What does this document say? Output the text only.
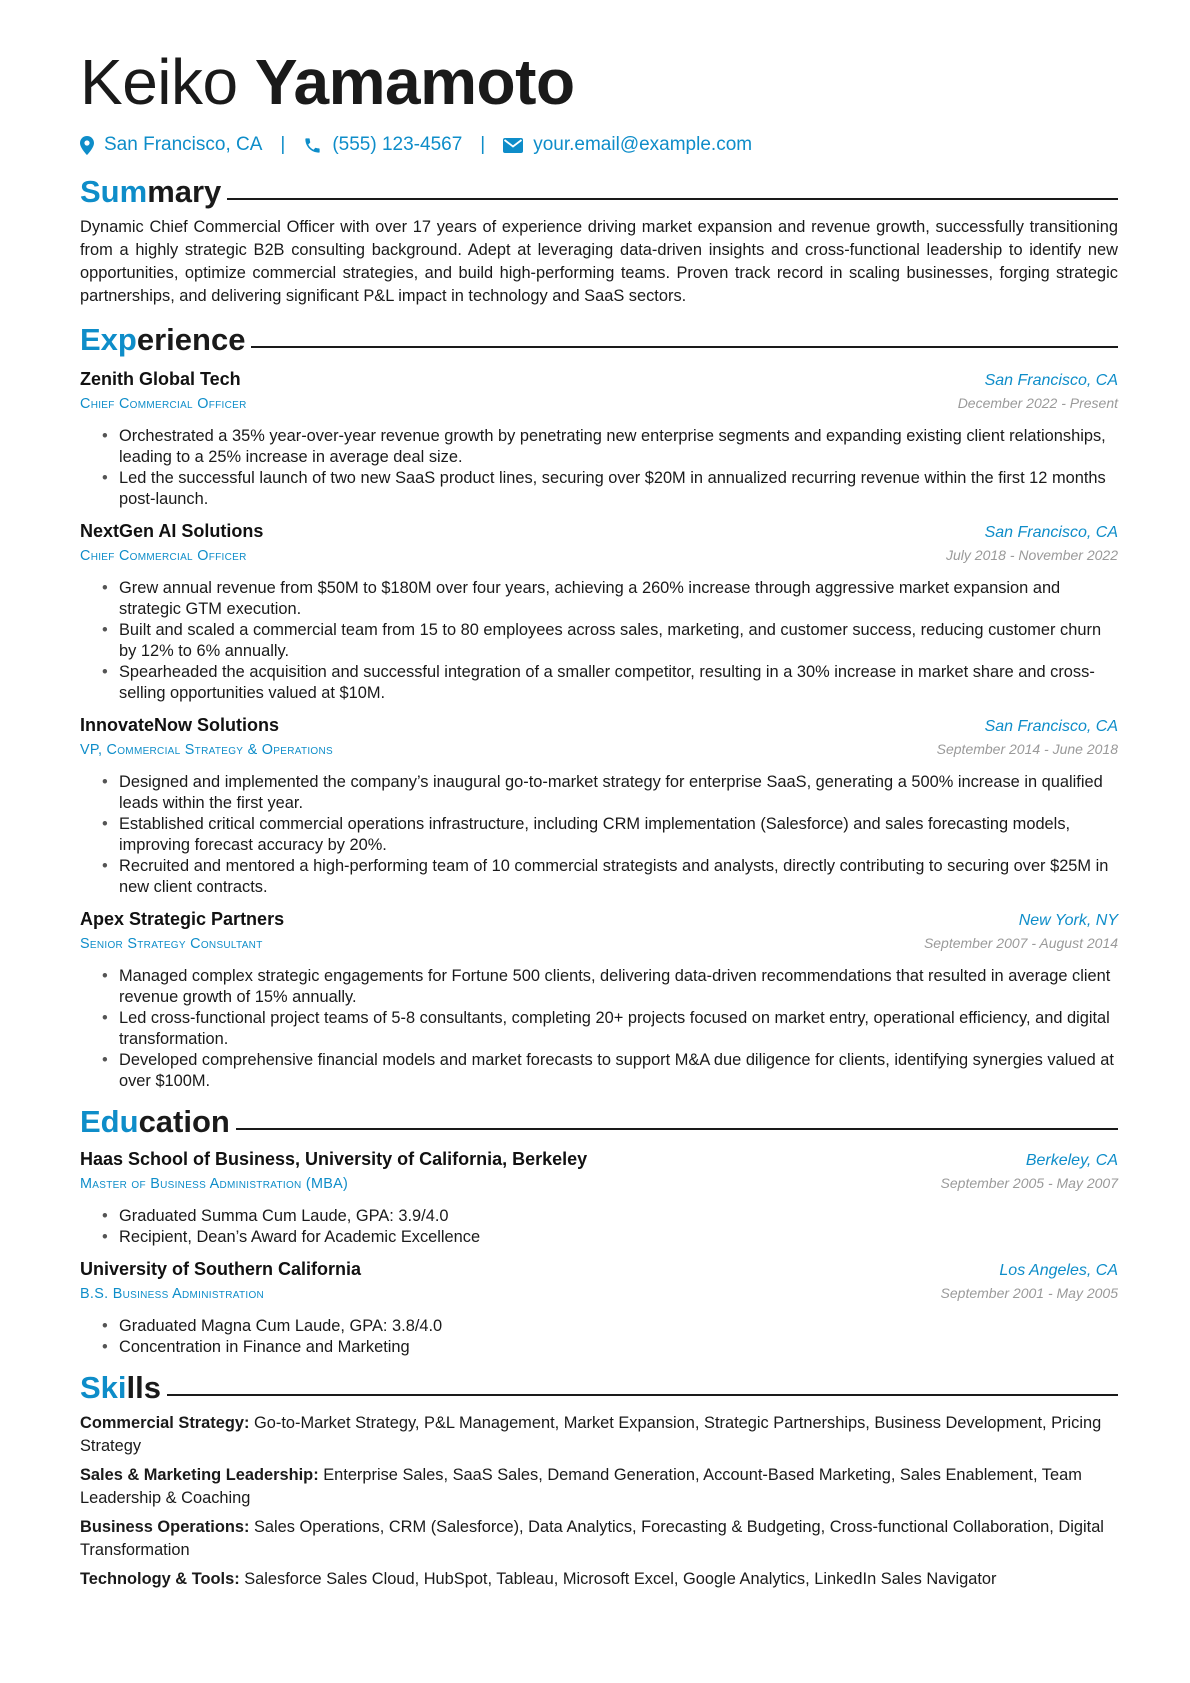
Keiko Yamamoto
San Francisco, CA | (555) 123-4567 |	your.email@example.com
Summary
Dynamic Chief Commercial Officer with over 17 years of experience driving market expansion and revenue growth, successfully transitioning from a highly strategic B2B consulting background. Adept at leveraging data-driven insights and cross-functional leadership to identify new opportunities, optimize commercial strategies, and build high-performing teams. Proven track record in scaling businesses, forging strategic partnerships, and delivering significant P&L impact in technology and SaaS sectors.
Experience
Zenith Global Tech	San Francisco, CA
Chief Commercial Officer	December 2022 - Present
• Orchestrated a 35% year-over-year revenue growth by penetrating new enterprise segments and expanding existing client relationships, leading to a 25% increase in average deal size.
• Led the successful launch of two new SaaS product lines, securing over $20M in annualized recurring revenue within the first 12 months post-launch.
NextGen AI Solutions	San Francisco, CA
Chief Commercial Officer	July 2018 - November 2022
• Grew annual revenue from $50M to $180M over four years, achieving a 260% increase through aggressive market expansion and strategic GTM execution.
• Built and scaled a commercial team from 15 to 80 employees across sales, marketing, and customer success, reducing customer churn by 12% to 6% annually.
• Spearheaded the acquisition and successful integration of a smaller competitor, resulting in a 30% increase in market share and cross-selling opportunities valued at $10M.
InnovateNow Solutions	San Francisco, CA
VP, Commercial Strategy & Operations	September 2014 - June 2018
• Designed and implemented the company’s inaugural go-to-market strategy for enterprise SaaS, generating a 500% increase in qualified leads within the first year.
• Established critical commercial operations infrastructure, including CRM implementation (Salesforce) and sales forecasting models, improving forecast accuracy by 20%.
• Recruited and mentored a high-performing team of 10 commercial strategists and analysts, directly contributing to securing over $25M in new client contracts.
Apex Strategic Partners	New York, NY
Senior Strategy Consultant	September 2007 - August 2014
• Managed complex strategic engagements for Fortune 500 clients, delivering data-driven recommendations that resulted in average client revenue growth of 15% annually.
• Led cross-functional project teams of 5-8 consultants, completing 20+ projects focused on market entry, operational efficiency, and digital transformation.
• Developed comprehensive financial models and market forecasts to support M&A due diligence for clients, identifying synergies valued at over $100M.
Education
Haas School of Business, University of California, Berkeley	Berkeley, CA
Master of Business Administration (MBA)	September 2005 - May 2007
• Graduated Summa Cum Laude, GPA: 3.9/4.0
• Recipient, Dean’s Award for Academic Excellence
University of Southern California	Los Angeles, CA
B.S. Business Administration	September 2001 - May 2005
• Graduated Magna Cum Laude, GPA: 3.8/4.0
• Concentration in Finance and Marketing
Skills
Commercial Strategy: Go-to-Market Strategy, P&L Management, Market Expansion, Strategic Partnerships, Business Development, Pricing Strategy
Sales & Marketing Leadership: Enterprise Sales, SaaS Sales, Demand Generation, Account-Based Marketing, Sales Enablement, Team Leadership & Coaching
Business Operations: Sales Operations, CRM (Salesforce), Data Analytics, Forecasting & Budgeting, Cross-functional Collaboration, Digital Transformation
Technology & Tools: Salesforce Sales Cloud, HubSpot, Tableau, Microsoft Excel, Google Analytics, LinkedIn Sales Navigator
